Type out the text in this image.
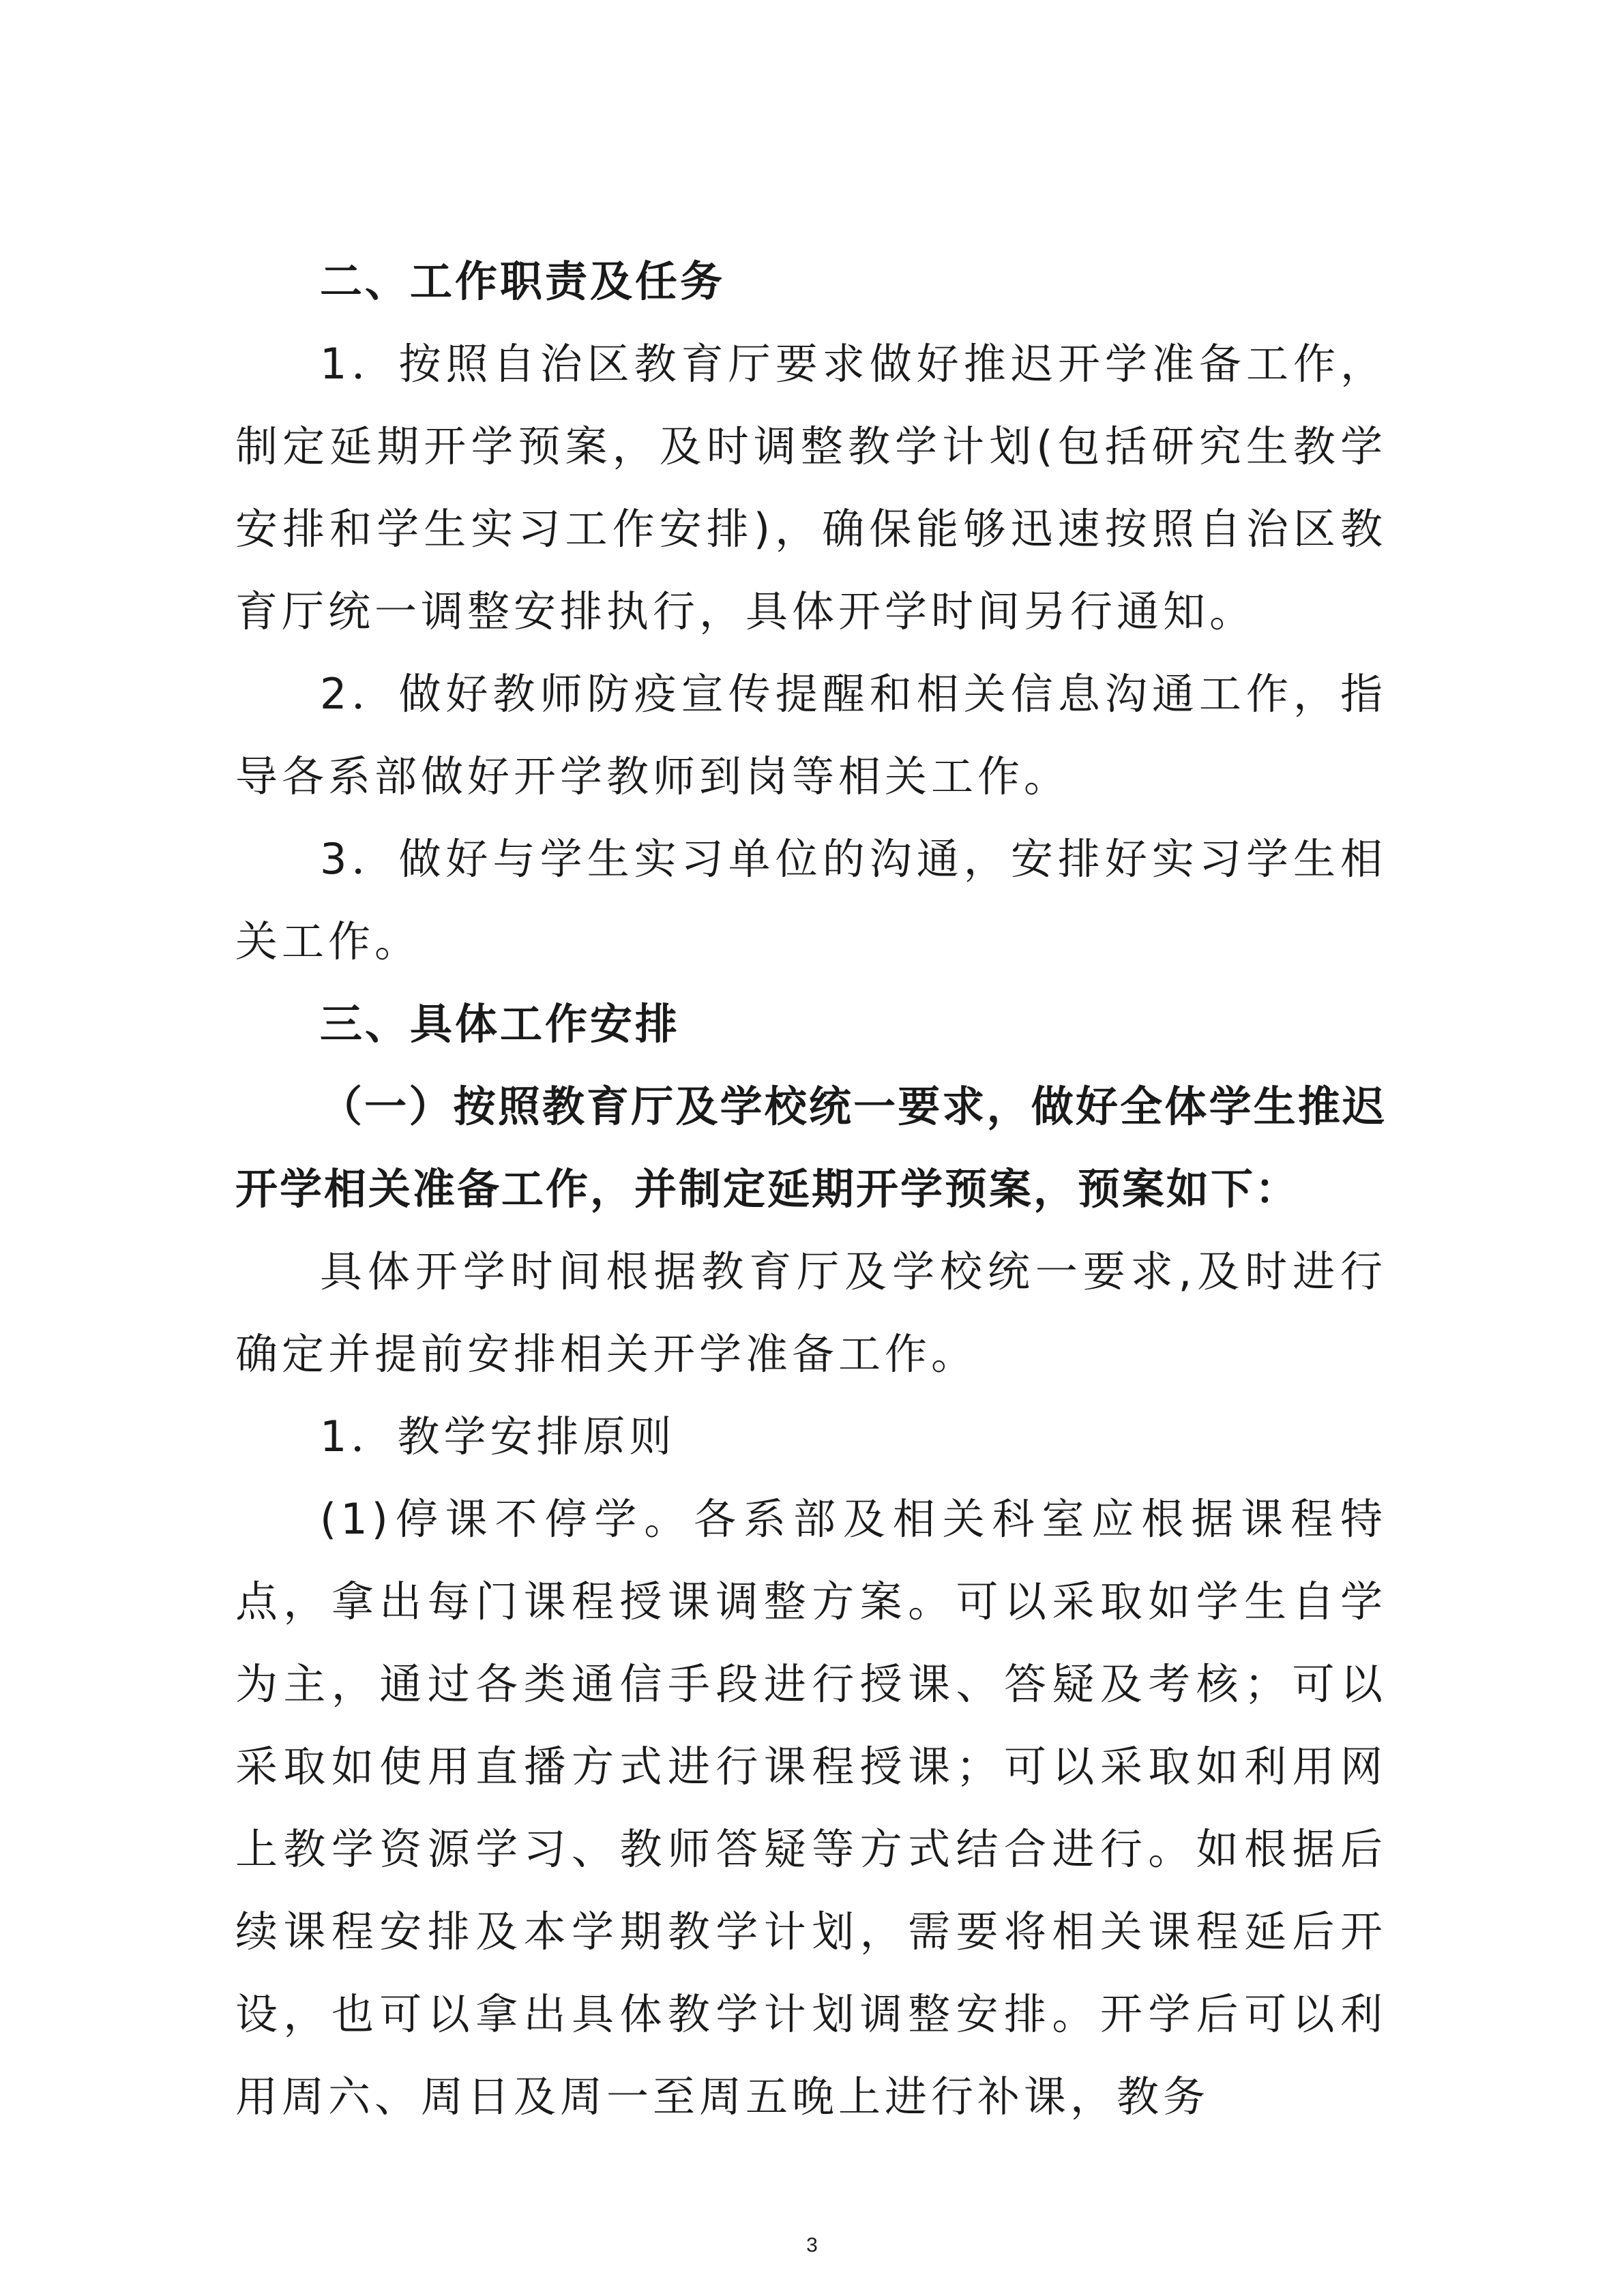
二、工作职责及任务

1．按照自治区教育厅要求做好推迟开学准备工作，制定延期开学预案，及时调整教学计划(包括研究生教学安排和学生实习工作安排)，确保能够迅速按照自治区教育厅统一调整安排执行，具体开学时间另行通知。

2．做好教师防疫宣传提醒和相关信息沟通工作，指导各系部做好开学教师到岗等相关工作。

3．做好与学生实习单位的沟通，安排好实习学生相关工作。

三、具体工作安排

（一）按照教育厅及学校统一要求，做好全体学生推迟开学相关准备工作，并制定延期开学预案，预案如下：

具体开学时间根据教育厅及学校统一要求,及时进行确定并提前安排相关开学准备工作。

1．教学安排原则

(1)停课不停学。各系部及相关科室应根据课程特点，拿出每门课程授课调整方案。可以采取如学生自学为主，通过各类通信手段进行授课、答疑及考核；可以采取如使用直播方式进行课程授课；可以采取如利用网上教学资源学习、教师答疑等方式结合进行。如根据后续课程安排及本学期教学计划，需要将相关课程延后开设，也可以拿出具体教学计划调整安排。开学后可以利用周六、周日及周一至周五晚上进行补课，教务

3
